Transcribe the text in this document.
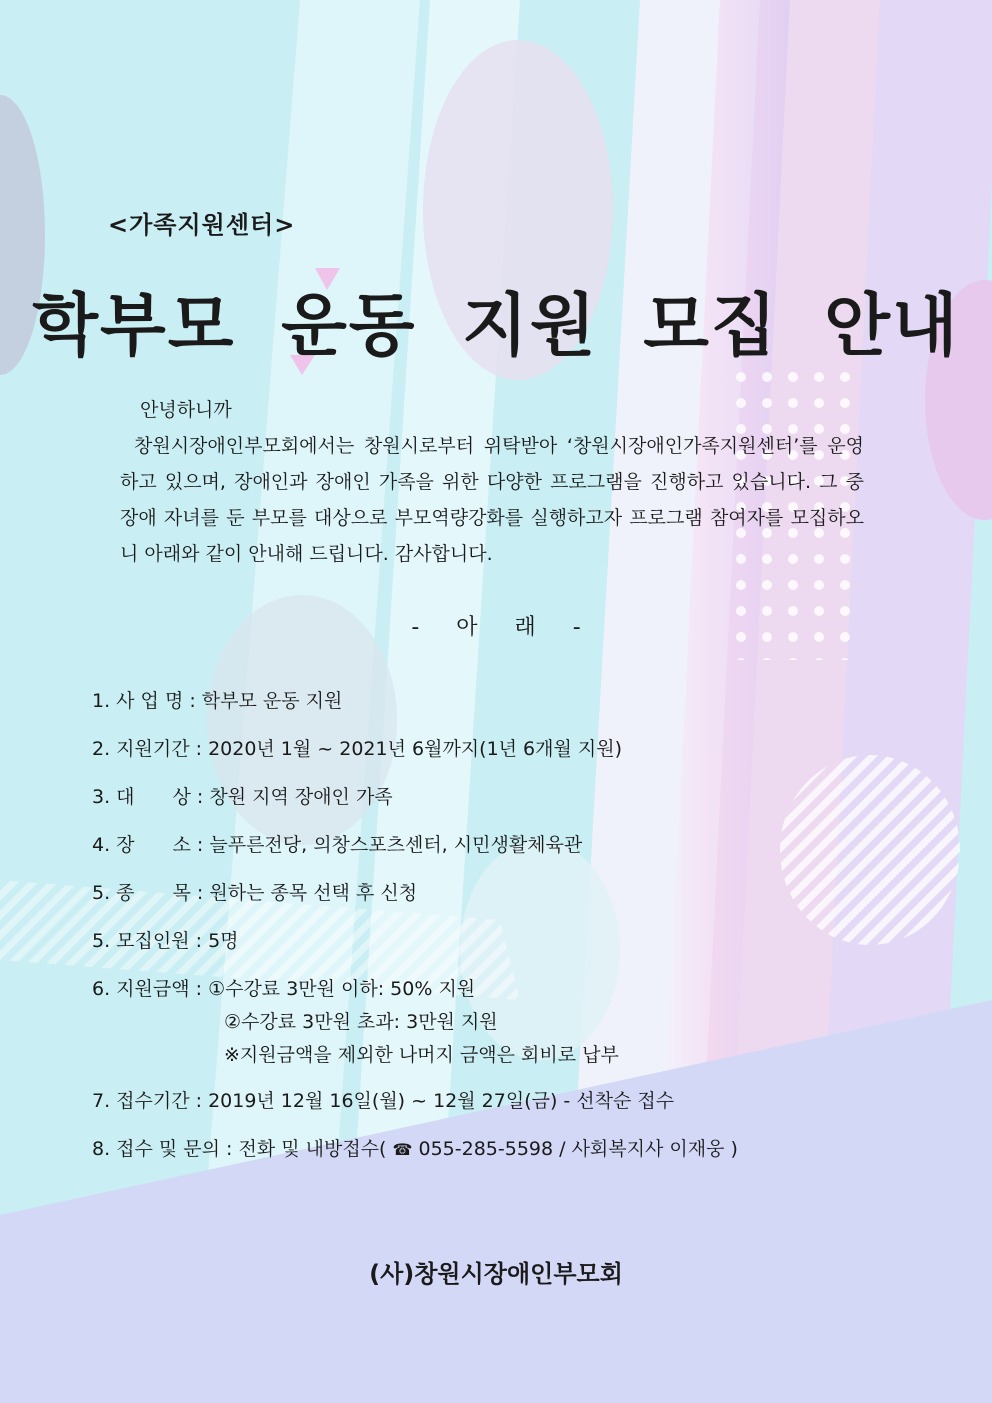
<가족지원센터>
학부모 운동 지원 모집 안내
안녕하니까
창원시장애인부모회에서는 창원시로부터 위탁받아 ‘창원시장애인가족지원센터’를 운영하고 있으며, 장애인과 장애인 가족을 위한 다양한 프로그램을 진행하고 있습니다. 그 중 장애 자녀를 둔 부모를 대상으로 부모역량강화를 실행하고자 프로그램 참여자를 모집하오니 아래와 같이 안내해 드립니다. 감사합니다.
- 아 래 -
1. 사 업 명 : 학부모 운동 지원
2. 지원기간 : 2020년 1월 ~ 2021년 6월까지(1년 6개월 지원)
3. 대　　상 : 창원 지역 장애인 가족
4. 장　　소 : 늘푸른전당, 의창스포츠센터, 시민생활체육관
5. 종　　목 : 원하는 종목 선택 후 신청
5. 모집인원 : 5명
6. 지원금액 : ①수강료 3만원 이하: 50% 지원
②수강료 3만원 초과: 3만원 지원
※지원금액을 제외한 나머지 금액은 회비로 납부
7. 접수기간 : 2019년 12월 16일(월) ~ 12월 27일(금) - 선착순 접수
8. 접수 및 문의 : 전화 및 내방접수( ☎ 055-285-5598 / 사회복지사 이재웅 )
(사)창원시장애인부모회
